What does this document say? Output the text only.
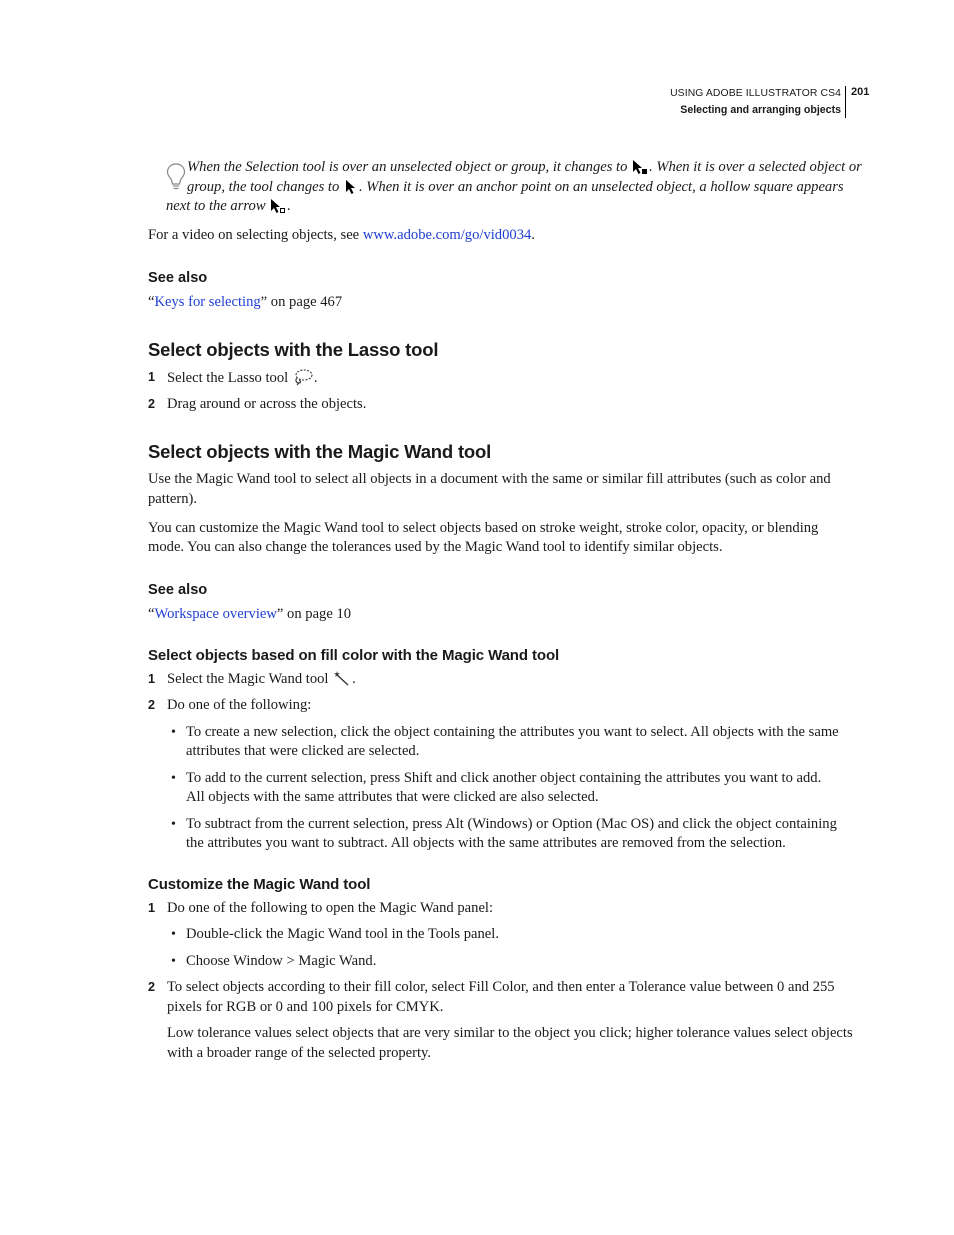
USING ADOBE ILLUSTRATOR CS4
Selecting and arranging objects
201
When the Selection tool is over an unselected object or group, it changes to . When it is over a selected object or
group, the tool changes to . When it is over an anchor point on an unselected object, a hollow square appears
next to the arrow .
For a video on selecting objects, see www.adobe.com/go/vid0034.
See also
“Keys for selecting” on page 467
Select objects with the Lasso tool
1 Select the Lasso tool .
2 Drag around or across the objects.
Select objects with the Magic Wand tool
Use the Magic Wand tool to select all objects in a document with the same or similar fill attributes (such as color and
pattern).
You can customize the Magic Wand tool to select objects based on stroke weight, stroke color, opacity, or blending
mode. You can also change the tolerances used by the Magic Wand tool to identify similar objects.
See also
“Workspace overview” on page 10
Select objects based on fill color with the Magic Wand tool
1 Select the Magic Wand tool .
2 Do one of the following:
• To create a new selection, click the object containing the attributes you want to select. All objects with the same
attributes that were clicked are selected.
• To add to the current selection, press Shift and click another object containing the attributes you want to add.
All objects with the same attributes that were clicked are also selected.
• To subtract from the current selection, press Alt (Windows) or Option (Mac OS) and click the object containing
the attributes you want to subtract. All objects with the same attributes are removed from the selection.
Customize the Magic Wand tool
1 Do one of the following to open the Magic Wand panel:
• Double-click the Magic Wand tool in the Tools panel.
• Choose Window > Magic Wand.
2 To select objects according to their fill color, select Fill Color, and then enter a Tolerance value between 0 and 255
pixels for RGB or 0 and 100 pixels for CMYK.
Low tolerance values select objects that are very similar to the object you click; higher tolerance values select objects
with a broader range of the selected property.
